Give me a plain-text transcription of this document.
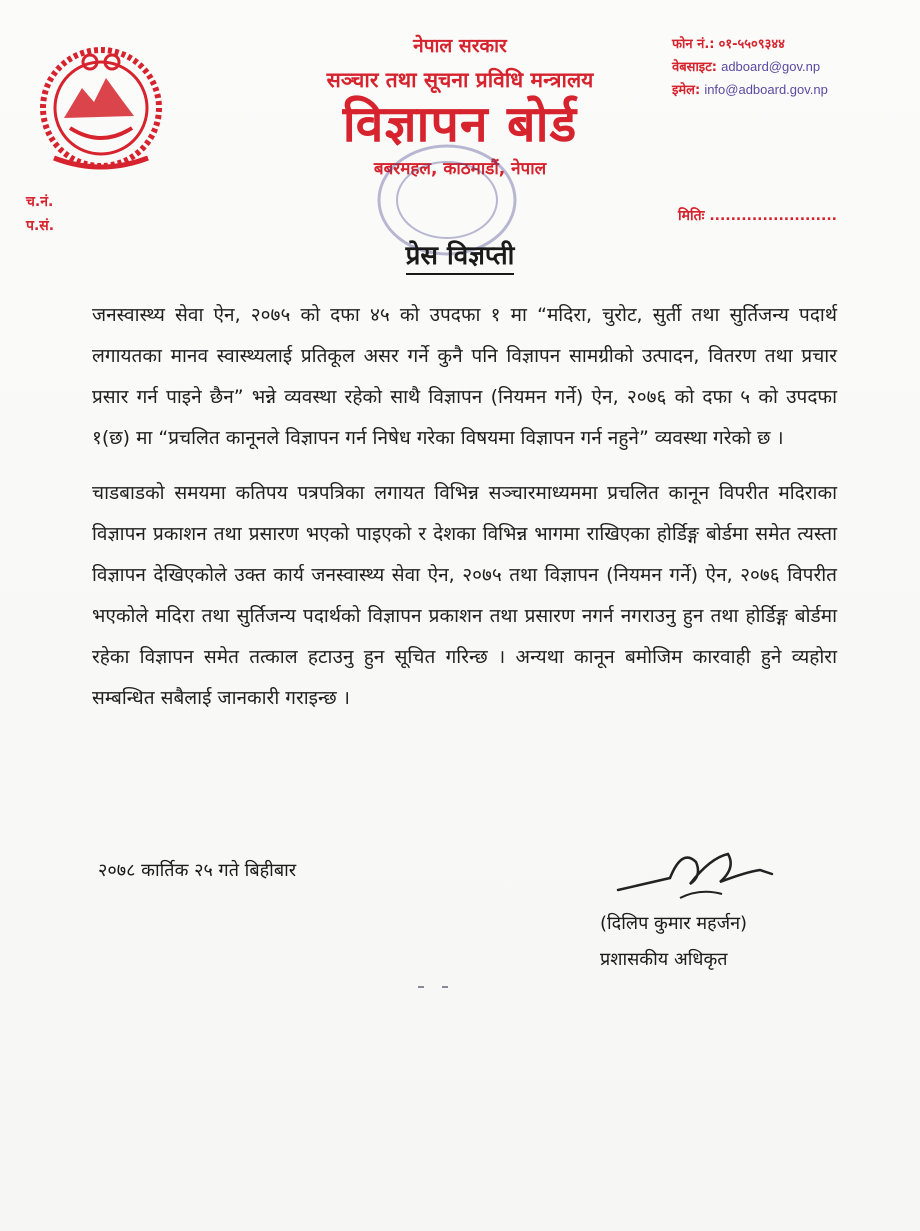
नेपाल सरकार
सञ्चार तथा सूचना प्रविधि मन्त्रालय
विज्ञापन बोर्ड
बबरमहल, काठमाडौं, नेपाल
फोन नं.: ०१-५५०९३४४
वेबसाइट: adboard@gov.np
इमेल: info@adboard.gov.np
च.नं.
प.सं.
मितिः ........................
प्रेस विज्ञप्ती

जनस्वास्थ्य सेवा ऐन, २०७५ को दफा ४५ को उपदफा १ मा “मदिरा, चुरोट, सुर्ती तथा सुर्तिजन्य पदार्थ लगायतका मानव स्वास्थ्यलाई प्रतिकूल असर गर्ने कुनै पनि विज्ञापन सामग्रीको उत्पादन, वितरण तथा प्रचार प्रसार गर्न पाइने छैन” भन्ने व्यवस्था रहेको साथै विज्ञापन (नियमन गर्ने) ऐन, २०७६ को दफा ५ को उपदफा १(छ) मा “प्रचलित कानूनले विज्ञापन गर्न निषेध गरेका विषयमा विज्ञापन गर्न नहुने” व्यवस्था गरेको छ ।

चाडबाडको समयमा कतिपय पत्रपत्रिका लगायत विभिन्न सञ्चारमाध्यममा प्रचलित कानून विपरीत मदिराका विज्ञापन प्रकाशन तथा प्रसारण भएको पाइएको र देशका विभिन्न भागमा राखिएका होर्डिङ्ग बोर्डमा समेत त्यस्ता विज्ञापन देखिएकोले उक्त कार्य जनस्वास्थ्य सेवा ऐन, २०७५ तथा विज्ञापन (नियमन गर्ने) ऐन, २०७६ विपरीत भएकोले मदिरा तथा सुर्तिजन्य पदार्थको विज्ञापन प्रकाशन तथा प्रसारण नगर्न नगराउनु हुन तथा होर्डिङ्ग बोर्डमा रहेका विज्ञापन समेत तत्काल हटाउनु हुन सूचित गरिन्छ । अन्यथा कानून बमोजिम कारवाही हुने व्यहोरा सम्बन्धित सबैलाई जानकारी गराइन्छ ।

२०७८ कार्तिक २५ गते बिहीबार
(दिलिप कुमार महर्जन)
प्रशासकीय अधिकृत
